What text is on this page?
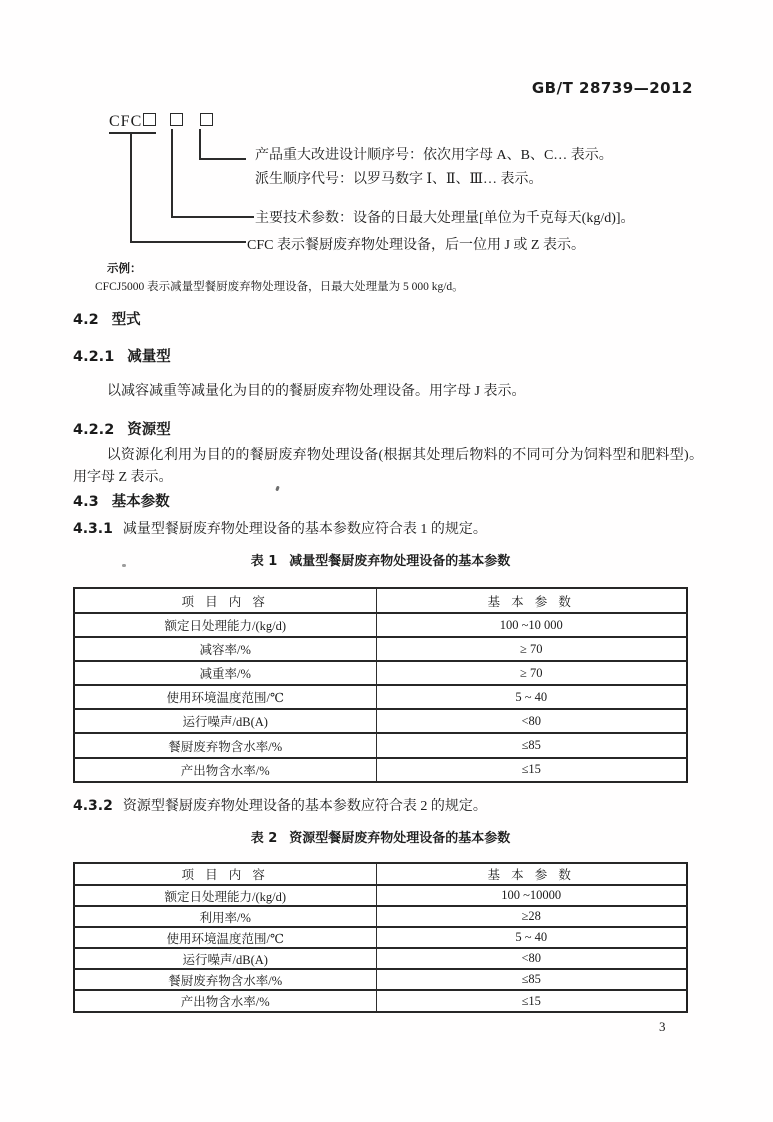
GB/T 28739—2012
CFC
产品重大改进设计顺序号：依次用字母 A、B、C… 表示。
派生顺序代号：以罗马数字 Ⅰ、Ⅱ、Ⅲ… 表示。
主要技术参数：设备的日最大处理量[单位为千克每天(kg/d)]。
CFC 表示餐厨废弃物处理设备，后一位用 J 或 Z 表示。
示例：
CFCJ5000 表示减量型餐厨废弃物处理设备，日最大处理量为 5 000 kg/d。
4.2 型式
4.2.1 减量型
以减容减重等减量化为目的的餐厨废弃物处理设备。用字母 J 表示。
4.2.2 资源型
以资源化利用为目的的餐厨废弃物处理设备(根据其处理后物料的不同可分为饲料型和肥料型)。用字母 Z 表示。
4.3 基本参数
4.3.1 减量型餐厨废弃物处理设备的基本参数应符合表 1 的规定。
表 1 减量型餐厨废弃物处理设备的基本参数
项 目 内 容	基 本 参 数
额定日处理能力/(kg/d)	100 ~10 000
减容率/%	≥ 70
减重率/%	≥ 70
使用环境温度范围/℃	5 ~ 40
运行噪声/dB(A)	<80
餐厨废弃物含水率/%	≤85
产出物含水率/%	≤15
4.3.2 资源型餐厨废弃物处理设备的基本参数应符合表 2 的规定。
表 2 资源型餐厨废弃物处理设备的基本参数
项 目 内 容	基 本 参 数
额定日处理能力/(kg/d)	100 ~10000
利用率/%	≥28
使用环境温度范围/℃	5 ~ 40
运行噪声/dB(A)	<80
餐厨废弃物含水率/%	≤85
产出物含水率/%	≤15
3
